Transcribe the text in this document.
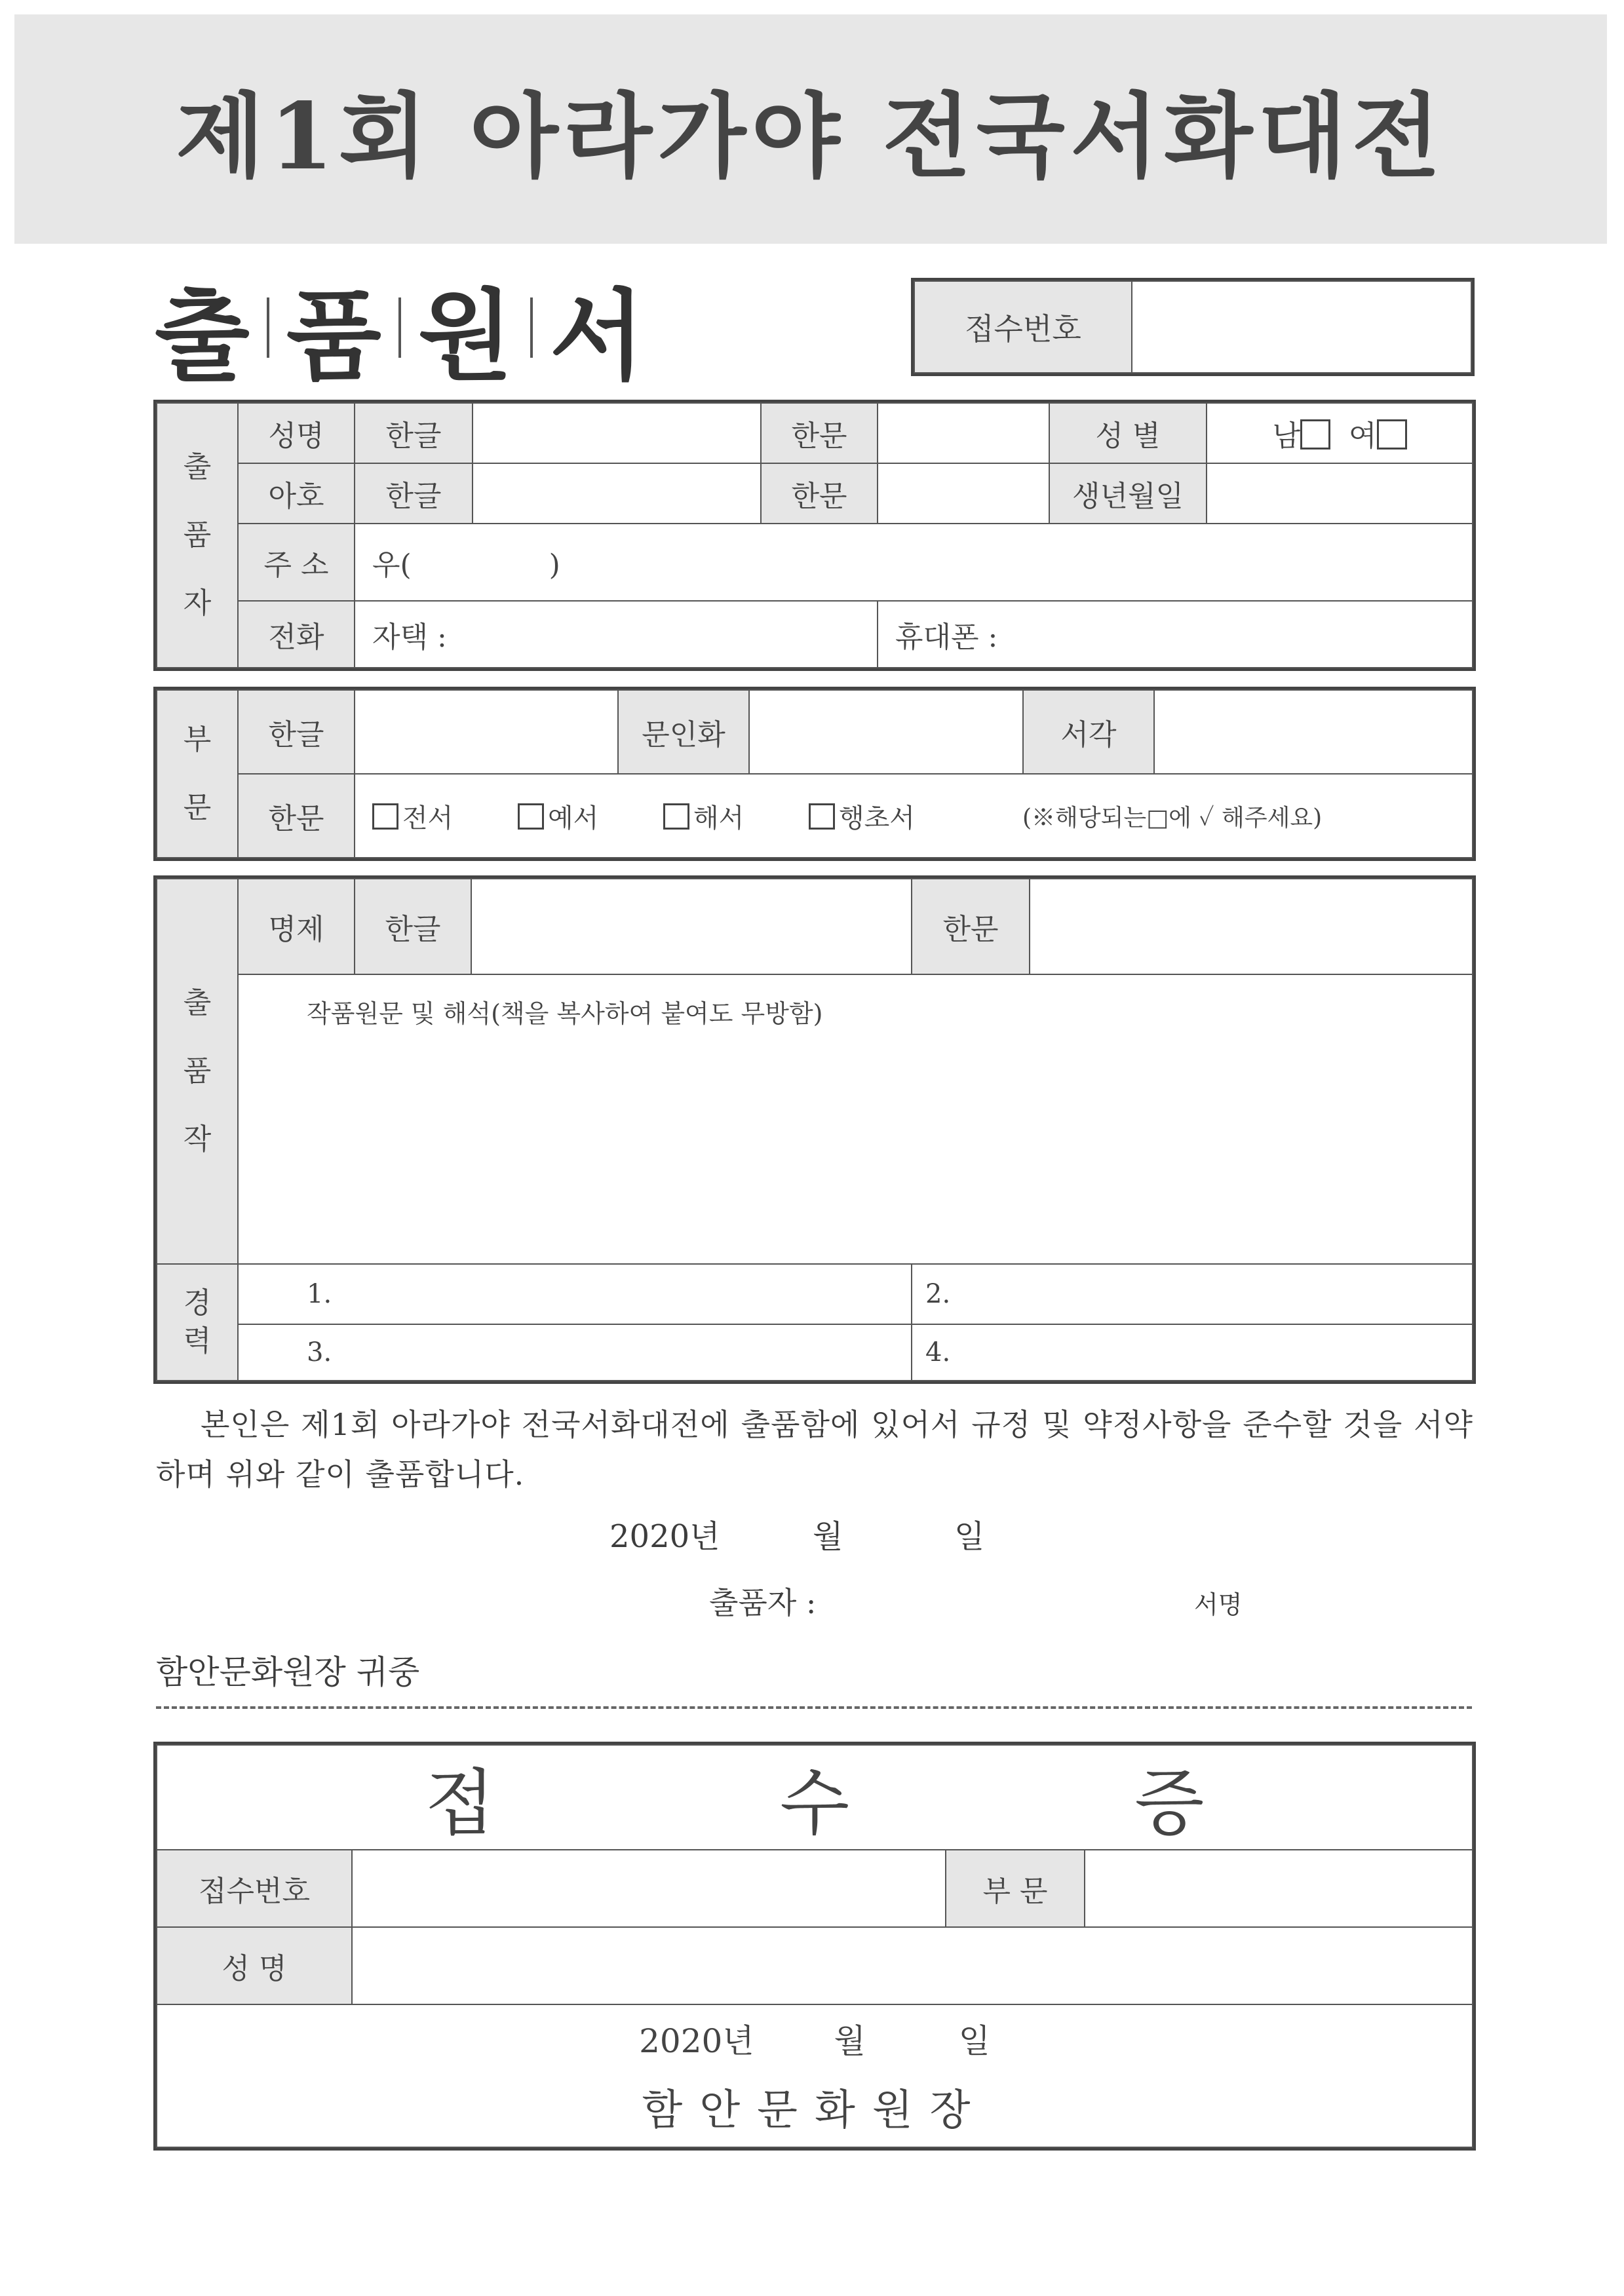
제1회 아라가야 전국서화대전
출 품 원 서	접수번호	
출
품
자	성명	한글		한문		성 별	남 여
	아호	한글		한문		생년월일	
	주 소	우( )					
	전화	자택 :			휴대폰 :		
부
문	한글		문인화		서각	
	한문	전서 예서 해서 행초서 (※해당되는□에 ✓ 해주세요)				
출
품
작	명제	한글		한문	

	작품원문 및 해석(책을 복사하여 붙여도 무방함)				

경
력	1.			2.	
	3.			4.	
본인은 제1회 아라가야 전국서화대전에 출품함에 있어서 규정 및 약정사항을 준수할 것을 서약하며 위와 같이 출품합니다.
2020년	월	일
출품자 :	서명
함안문화원장 귀중
접 수 증			
접수번호		부 문	
성 명			

2020년 월 일
함안문화원장			
